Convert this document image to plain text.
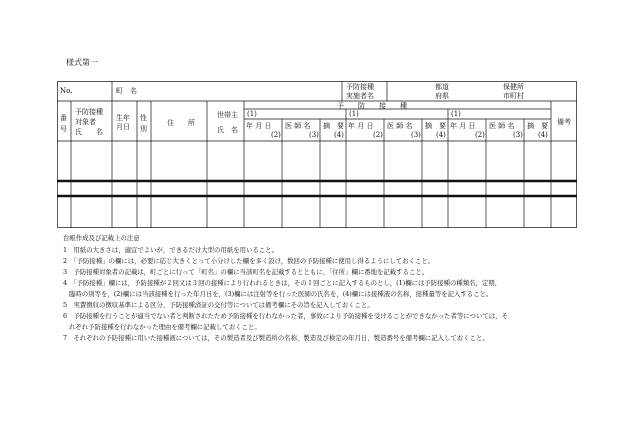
様式第一
No.	町　名	予防接種
実施者名
都道
府県
保健所
市町村
番号
予防接種
対象者
氏　　名
生年
月日
性別
住　　所
世帯主
氏　名
予　　防　　接　　種
備考
(1)
年 月 日
(2)
医 師 名
(3)
摘　要
(4)
(1)
年 月 日
(2)
医 師 名
(3)
摘　要
(4)
(1)
年 月 日
(2)
医 師 名
(3)
摘　要
(4)
台帳作成及び記載上の注意
1　用紙の大きさは，適宜でよいが，できるだけ大型の用紙を用いること。
2　「予防接種」の欄には，必要に応じ大きくとって小分けした欄を多く設け，数回の予防接種に使用し得るようにしておくこと。
3　予防接種対象者の記載は，町ごとに行って「町名」の欄に当該町名を記載するとともに，「住所」欄に番地を記載すること。
4　「予防接種」欄には，予防接種が２回又は３回の接種により行われるときは，その１回ごとに記入するものとし，(1)欄には予防接種の種類名，定期，
臨時の別等を，(2)欄には当該接種を行った年月日を，(3)欄には注射等を行った医師の氏名を，(4)欄には接種液の名称，接種量等を記入すること。
5　実費徴収の徴収基準による区分，予防接種済証の交付等については備考欄にその旨を記入しておくこと。
6　予防接種を行うことが適当でない者と判断されたため予防接種を行わなかった者，事故により予防接種を受けることができなかった者等については，そ
れぞれ予防接種を行わなかった理由を備考欄に記載しておくこと。
7　それぞれの予防接種に用いた接種液については，その製造者及び製造所の名称，製造及び検定の年月日，製造番号を備考欄に記入しておくこと。
